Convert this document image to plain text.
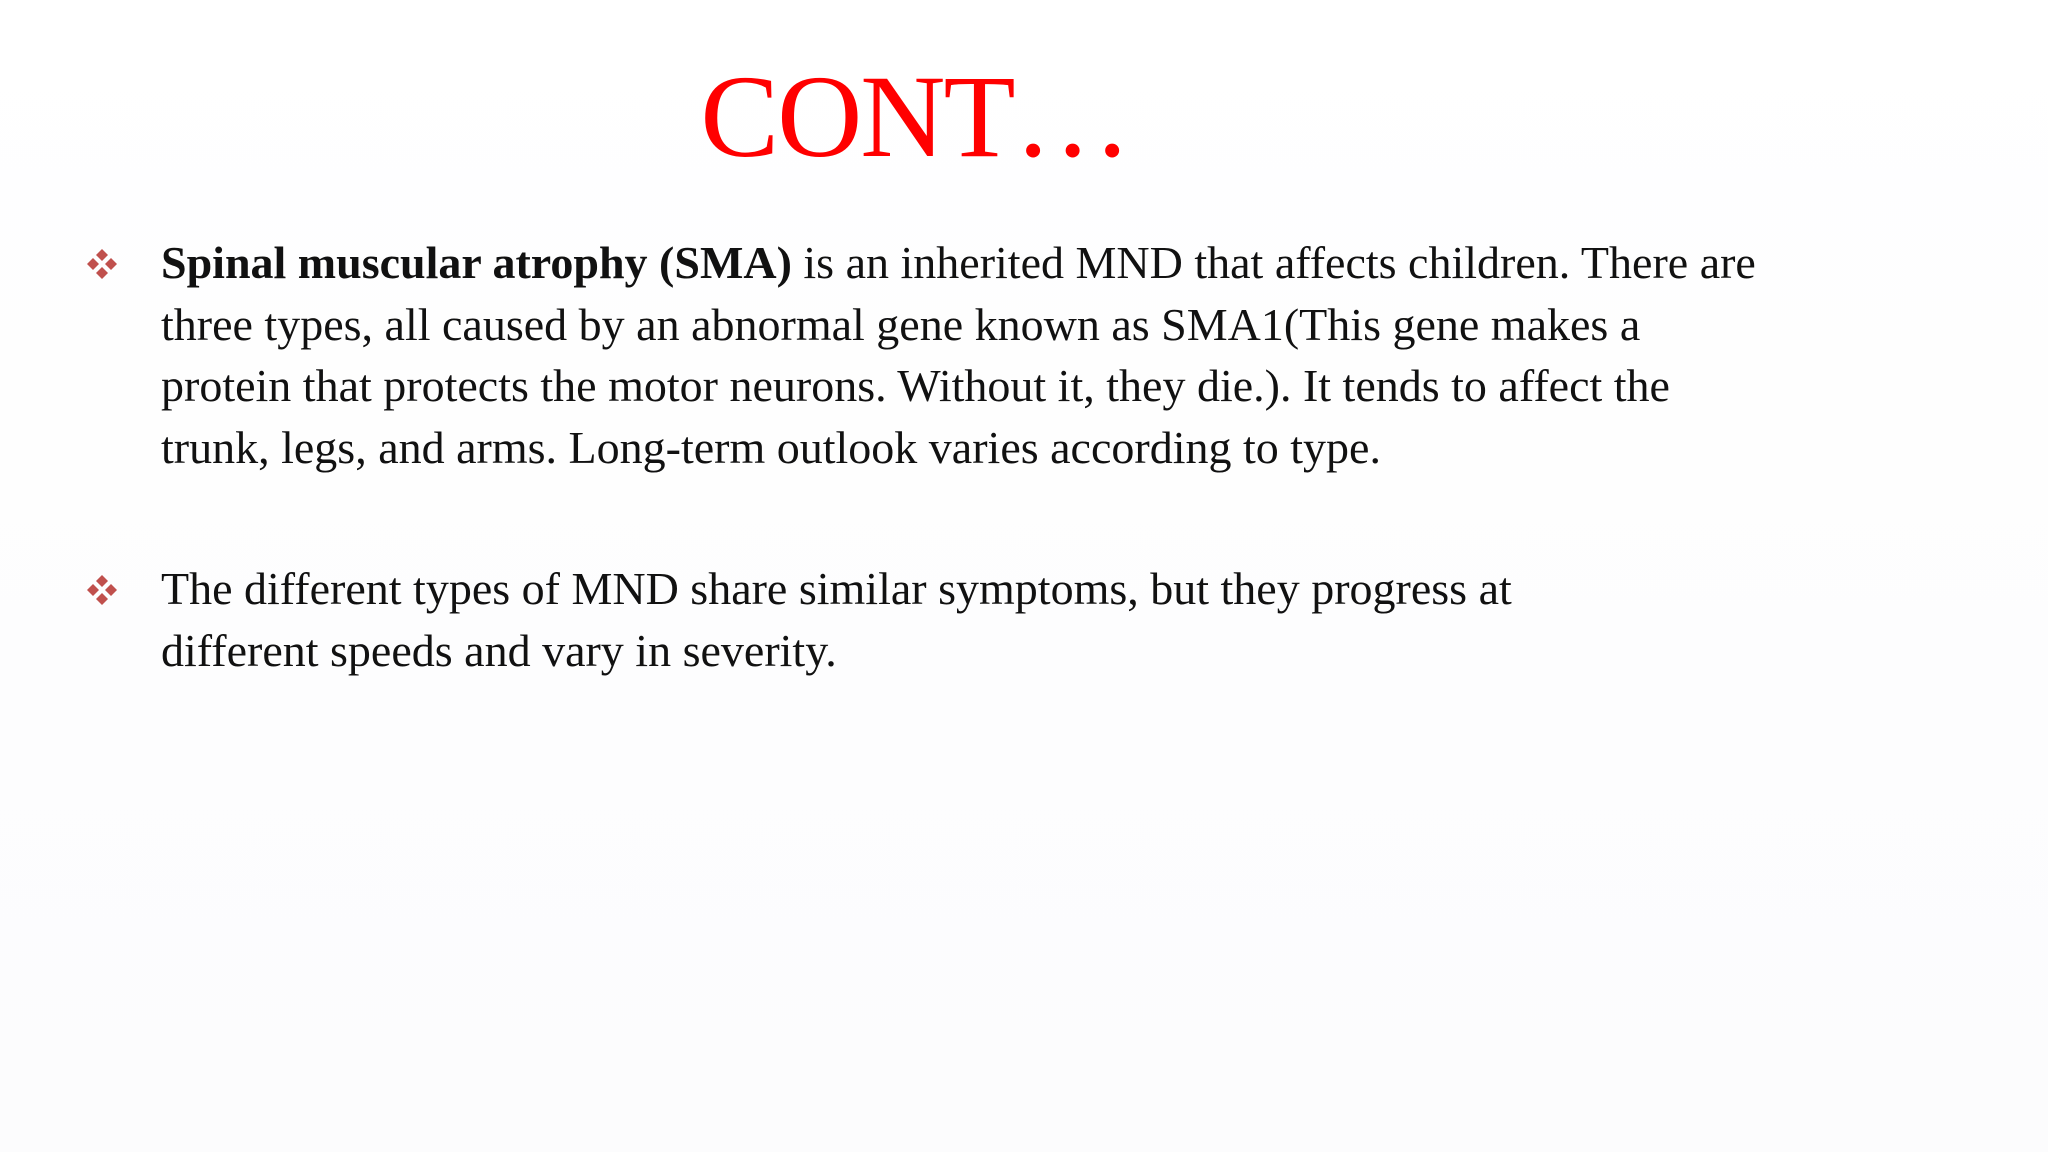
CONT…

Spinal muscular atrophy (SMA) is an inherited MND that affects children. There are
three types, all caused by an abnormal gene known as SMA1(This gene makes a
protein that protects the motor neurons. Without it, they die.). It tends to affect the
trunk, legs, and arms. Long-term outlook varies according to type.

The different types of MND share similar symptoms, but they progress at
different speeds and vary in severity.
